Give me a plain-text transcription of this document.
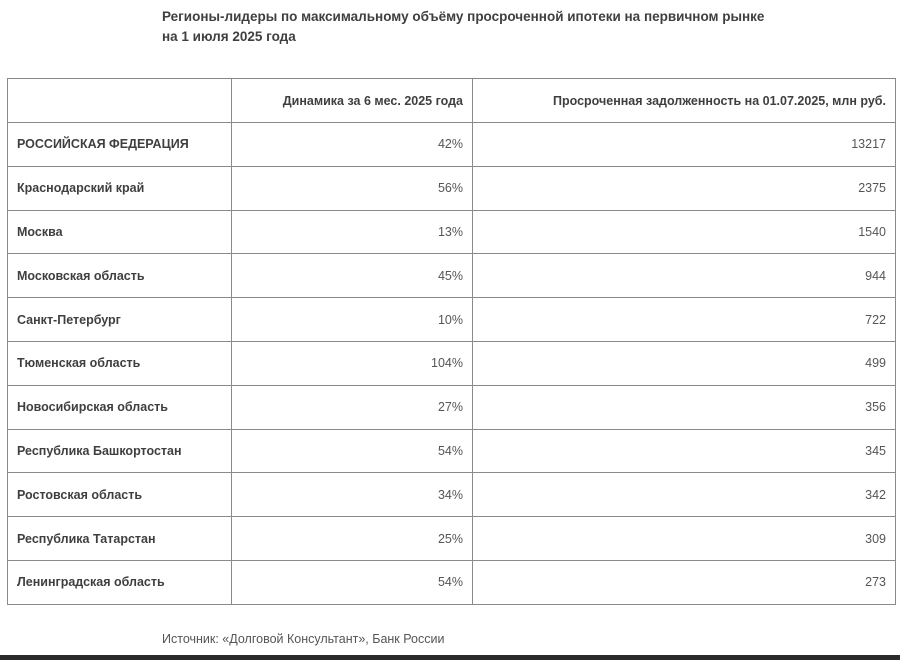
Регионы-лидеры по максимальному объёму просроченной ипотеки на первичном рынке на 1 июля 2025 года
	Динамика за 6 мес. 2025 года	Просроченная задолженность на 01.07.2025, млн руб.
РОССИЙСКАЯ ФЕДЕРАЦИЯ	42%	13217
Краснодарский край	56%	2375
Москва	13%	1540
Московская область	45%	944
Санкт-Петербург	10%	722
Тюменская область	104%	499
Новосибирская область	27%	356
Республика Башкортостан	54%	345
Ростовская область	34%	342
Республика Татарстан	25%	309
Ленинградская область	54%	273
Источник: «Долговой Консультант», Банк России
